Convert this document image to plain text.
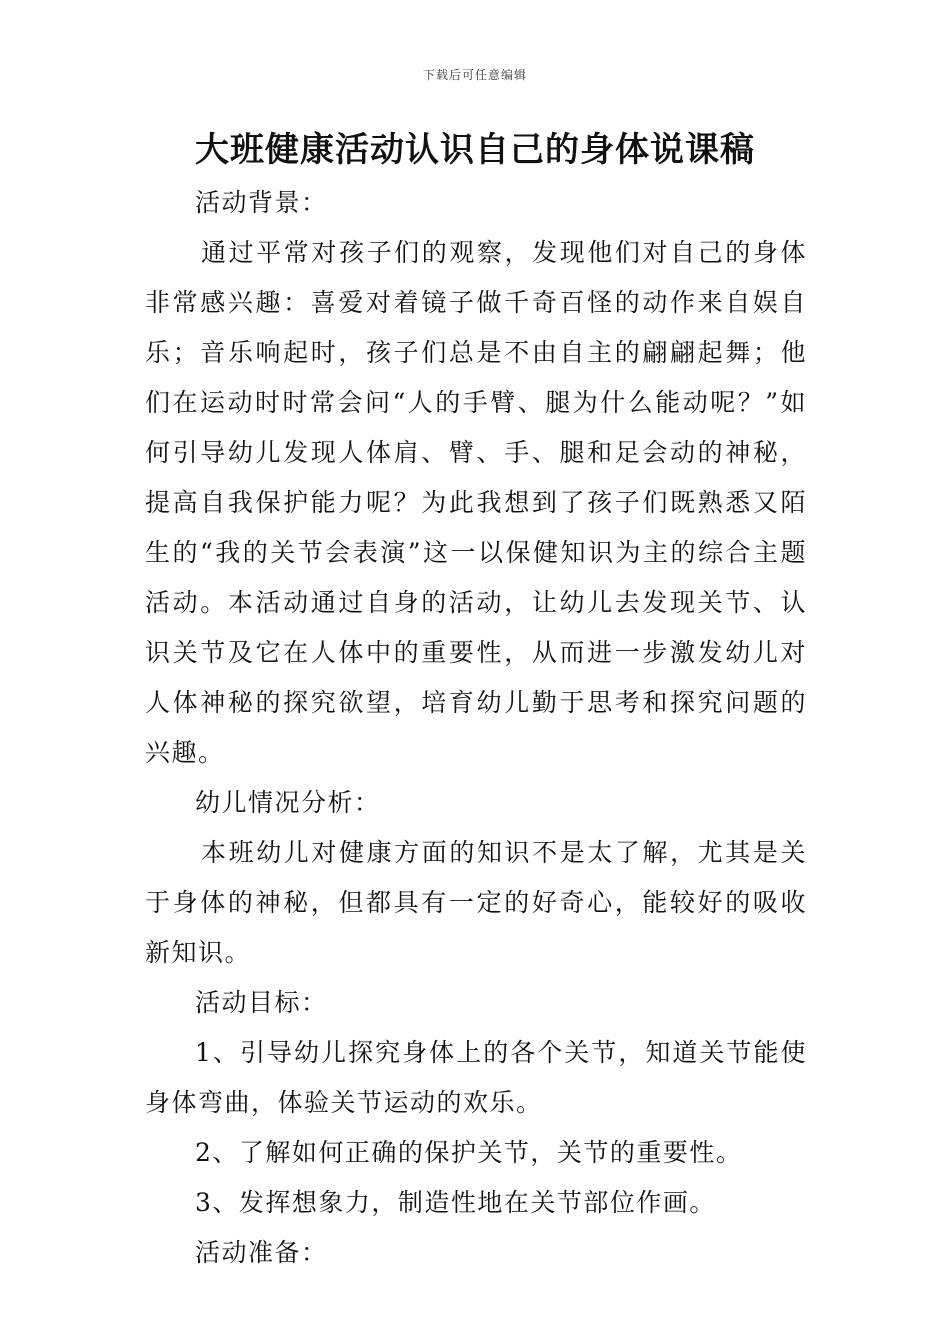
下载后可任意编辑
大班健康活动认识自己的身体说课稿

活动背景：

通过平常对孩子们的观察，发现他们对自己的身体非常感兴趣：喜爱对着镜子做千奇百怪的动作来自娱自乐；音乐响起时，孩子们总是不由自主的翩翩起舞；他们在运动时时常会问“人的手臂、腿为什么能动呢？”如何引导幼儿发现人体肩、臂、手、腿和足会动的神秘，提高自我保护能力呢？为此我想到了孩子们既熟悉又陌生的“我的关节会表演”这一以保健知识为主的综合主题活动。本活动通过自身的活动，让幼儿去发现关节、认识关节及它在人体中的重要性，从而进一步激发幼儿对人体神秘的探究欲望，培育幼儿勤于思考和探究问题的兴趣。

幼儿情况分析：

本班幼儿对健康方面的知识不是太了解，尤其是关于身体的神秘，但都具有一定的好奇心，能较好的吸收新知识。

活动目标：

1、引导幼儿探究身体上的各个关节，知道关节能使身体弯曲，体验关节运动的欢乐。

2、了解如何正确的保护关节，关节的重要性。

3、发挥想象力，制造性地在关节部位作画。

活动准备：
